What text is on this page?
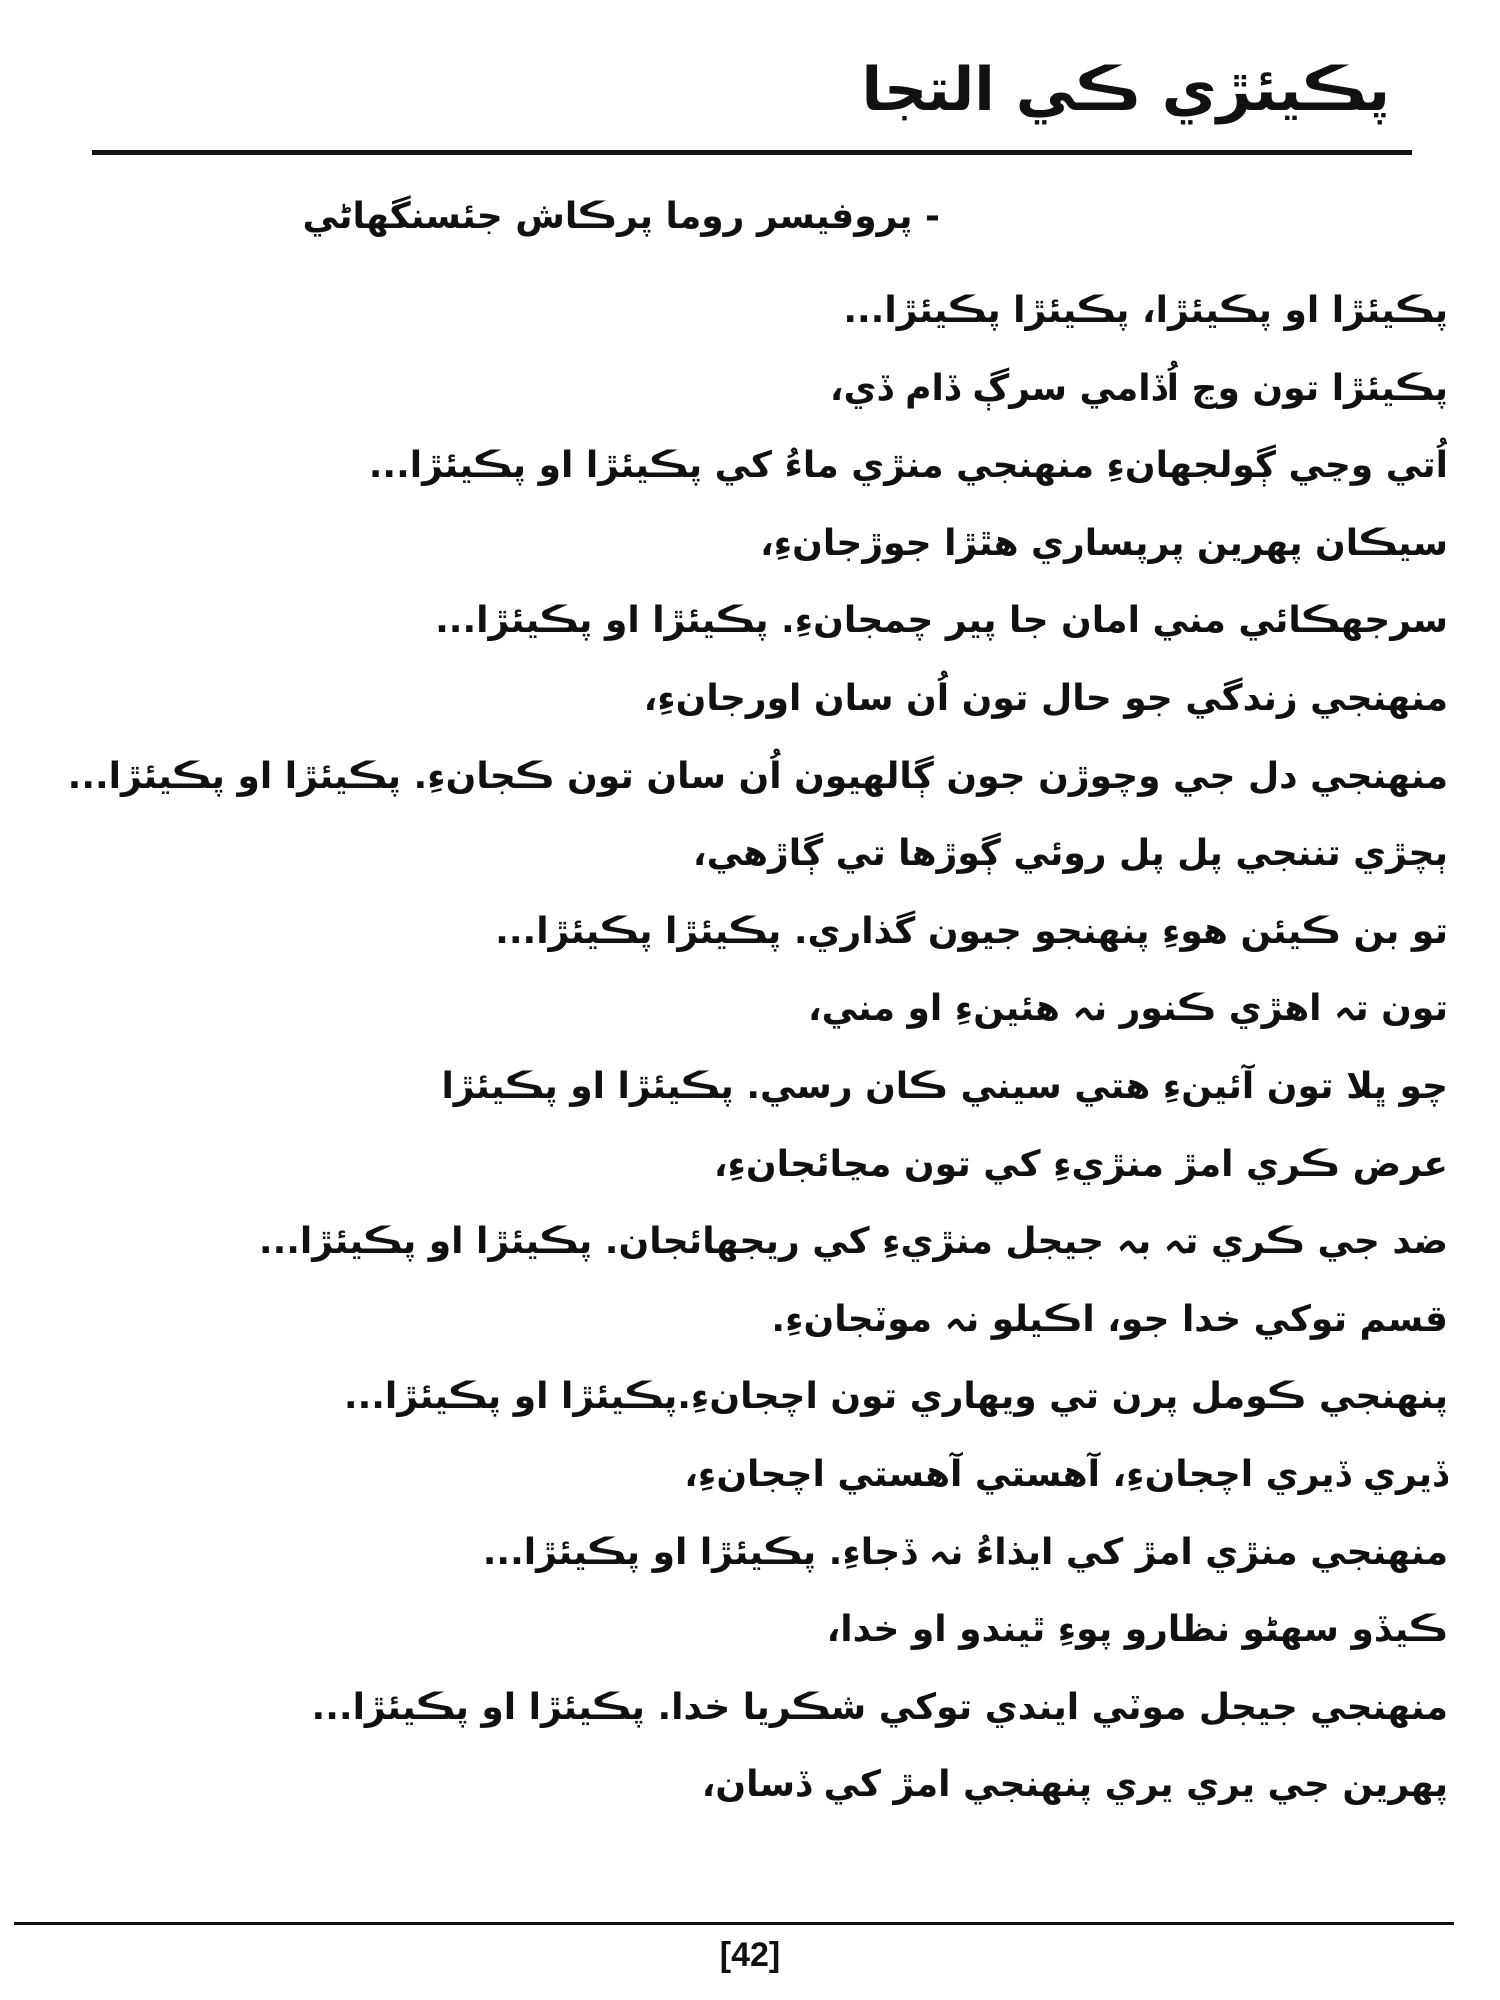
پڪيئڙي ڪي التجا
- پروفيسر روما پرڪاش جئسنگهاڻي
پڪيئڙا او پڪيئڙا، پڪيئڙا پڪيئڙا...
پڪيئڙا تون وڃ اُڏامي سرڳ ڏام ڏي،
اُتي وڃي ڳولجهانءِ منهنجي منڙي ماءُ کي پڪيئڙا او پڪيئڙا...
سيڪان پهرين پرپساري هٿڙا جوڙجانءِ،
سرجهڪائي مني امان جا پير چمجانءِ. پڪيئڙا او پڪيئڙا...
منهنجي زندگي جو حال تون اُن سان اورجانءِ،
منهنجي دل جي وچوڙن جون ڳالهيون اُن سان تون ڪجانءِ. پڪيئڙا او پڪيئڙا...
ٻچڙي تننجي پل پل روئي ڳوڙها تي ڳاڙهي،
تو بن ڪيئن هوءِ پنهنجو جيون گذاري. پڪيئڙا پڪيئڙا...
تون تہ اهڙي ڪنور نہ هئينءِ او مني،
چو ڀلا تون آئينءِ هتي سيني ڪان رسي. پڪيئڙا او پڪيئڙا
عرض ڪري امڙ منڙيءِ کي تون مڃائجانءِ،
ضد جي ڪري تہ بہ جيجل منڙيءِ کي ريجهائجان. پڪيئڙا او پڪيئڙا...
قسم توکي خدا جو، اڪيلو نہ موٽجانءِ.
پنهنجي ڪومل پرن تي ويهاري تون اچجانءِ.پڪيئڙا او پڪيئڙا...
ڏيري ڏيري اچجانءِ، آهستي آهستي اچجانءِ،
منهنجي منڙي امڙ کي ايذاءُ نہ ڏجاءِ. پڪيئڙا او پڪيئڙا...
ڪيڏو سهڻو نظارو پوءِ ٿيندو او خدا،
منهنجي جيجل موٽي ايندي توکي شڪريا خدا. پڪيئڙا او پڪيئڙا...
پهرين جي يري يري پنهنجي امڙ کي ڏسان،
[42]
